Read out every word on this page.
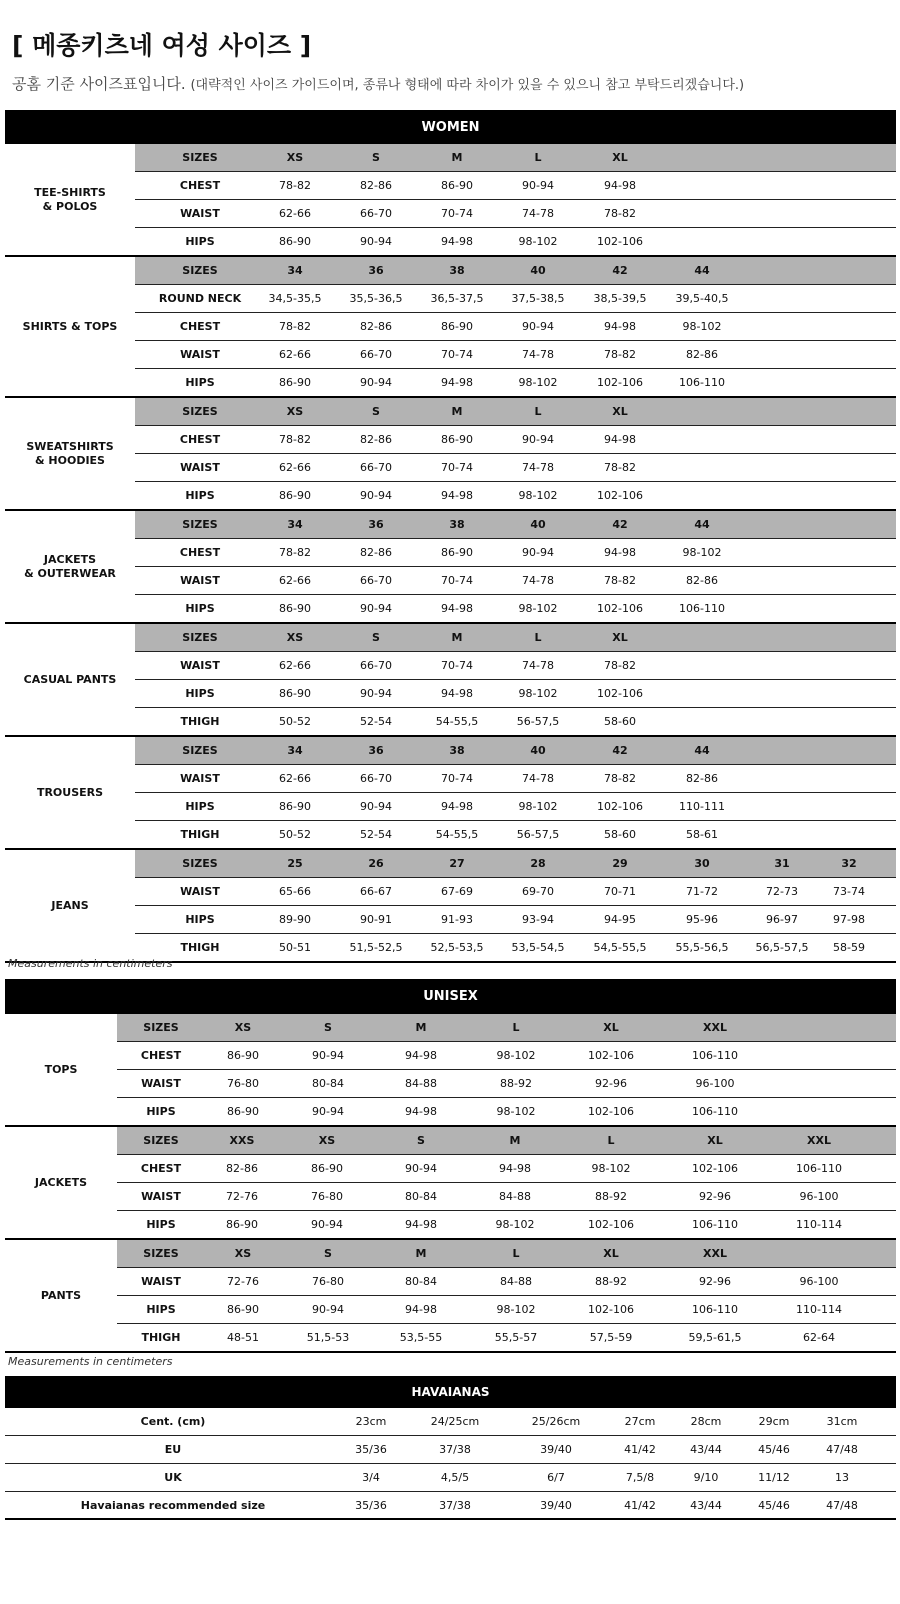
[ 메종키츠네 여성 사이즈 ]
공홈 기준 사이즈표입니다. (대략적인 사이즈 가이드이며, 종류나 형태에 따라 차이가 있을 수 있으니 참고 부탁드리겠습니다.)
WOMEN
TEE-SHIRTS
& POLOS
SIZES	XS	S	M	L	XL
CHEST	78-82	82-86	86-90	90-94	94-98
WAIST	62-66	66-70	70-74	74-78	78-82
HIPS	86-90	90-94	94-98	98-102	102-106
SHIRTS & TOPS
SIZES	34	36	38	40	42	44
ROUND NECK	34,5-35,5	35,5-36,5	36,5-37,5	37,5-38,5	38,5-39,5	39,5-40,5
CHEST	78-82	82-86	86-90	90-94	94-98	98-102
WAIST	62-66	66-70	70-74	74-78	78-82	82-86
HIPS	86-90	90-94	94-98	98-102	102-106	106-110
SWEATSHIRTS
& HOODIES
SIZES	XS	S	M	L	XL
CHEST	78-82	82-86	86-90	90-94	94-98
WAIST	62-66	66-70	70-74	74-78	78-82
HIPS	86-90	90-94	94-98	98-102	102-106
JACKETS
& OUTERWEAR
SIZES	34	36	38	40	42	44
CHEST	78-82	82-86	86-90	90-94	94-98	98-102
WAIST	62-66	66-70	70-74	74-78	78-82	82-86
HIPS	86-90	90-94	94-98	98-102	102-106	106-110
CASUAL PANTS
SIZES	XS	S	M	L	XL
WAIST	62-66	66-70	70-74	74-78	78-82
HIPS	86-90	90-94	94-98	98-102	102-106
THIGH	50-52	52-54	54-55,5	56-57,5	58-60
TROUSERS
SIZES	34	36	38	40	42	44
WAIST	62-66	66-70	70-74	74-78	78-82	82-86
HIPS	86-90	90-94	94-98	98-102	102-106	110-111
THIGH	50-52	52-54	54-55,5	56-57,5	58-60	58-61
JEANS
SIZES	25	26	27	28	29	30	31	32
WAIST	65-66	66-67	67-69	69-70	70-71	71-72	72-73	73-74
HIPS	89-90	90-91	91-93	93-94	94-95	95-96	96-97	97-98
THIGH	50-51	51,5-52,5	52,5-53,5	53,5-54,5	54,5-55,5	55,5-56,5	56,5-57,5	58-59
Measurements in centimeters
UNISEX
TOPS
SIZES	XS	S	M	L	XL	XXL
CHEST	86-90	90-94	94-98	98-102	102-106	106-110
WAIST	76-80	80-84	84-88	88-92	92-96	96-100
HIPS	86-90	90-94	94-98	98-102	102-106	106-110
JACKETS
SIZES	XXS	XS	S	M	L	XL	XXL
CHEST	82-86	86-90	90-94	94-98	98-102	102-106	106-110
WAIST	72-76	76-80	80-84	84-88	88-92	92-96	96-100
HIPS	86-90	90-94	94-98	98-102	102-106	106-110	110-114
PANTS
SIZES	XS	S	M	L	XL	XXL
WAIST	72-76	76-80	80-84	84-88	88-92	92-96	96-100
HIPS	86-90	90-94	94-98	98-102	102-106	106-110	110-114
THIGH	48-51	51,5-53	53,5-55	55,5-57	57,5-59	59,5-61,5	62-64
Measurements in centimeters
HAVAIANAS
Cent. (cm)	23cm	24/25cm	25/26cm	27cm	28cm	29cm	31cm
EU	35/36	37/38	39/40	41/42	43/44	45/46	47/48
UK	3/4	4,5/5	6/7	7,5/8	9/10	11/12	13
Havaianas recommended size	35/36	37/38	39/40	41/42	43/44	45/46	47/48
